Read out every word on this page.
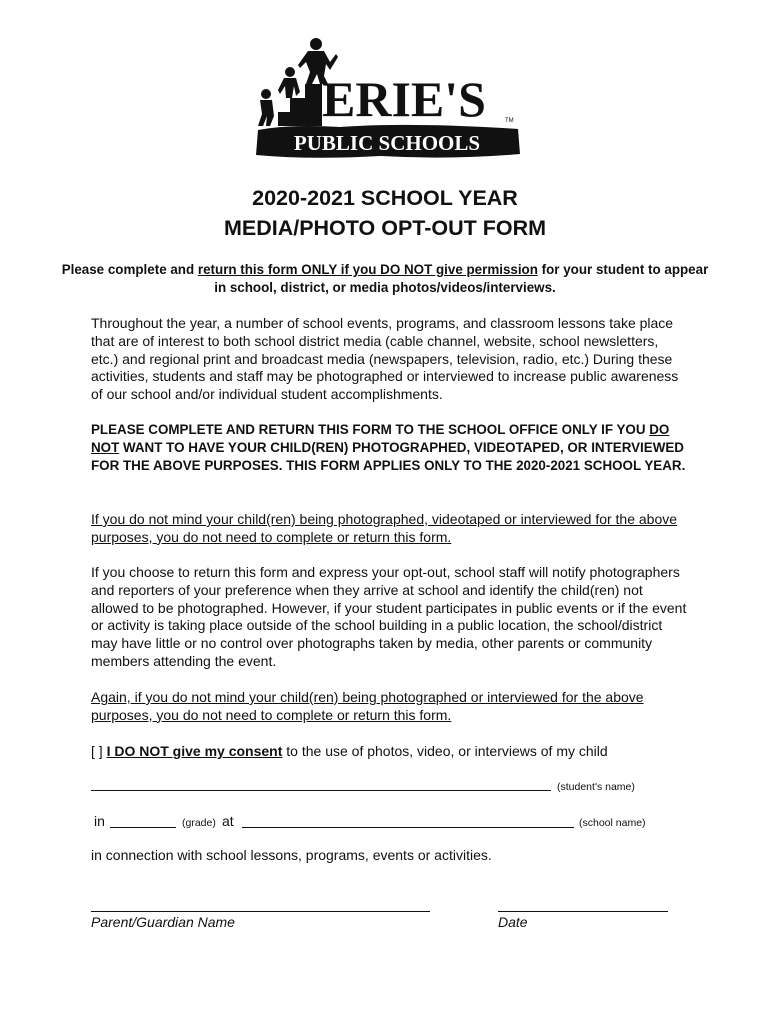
ERIE'S	TM
PUBLIC SCHOOLS
2020-2021 SCHOOL YEAR
MEDIA/PHOTO OPT-OUT FORM
Please complete and return this form ONLY if you DO NOT give permission for your student to appear in school, district, or media photos/videos/interviews.
Throughout the year, a number of school events, programs, and classroom lessons take place that are of interest to both school district media (cable channel, website, school newsletters, etc.) and regional print and broadcast media (newspapers, television, radio, etc.) During these activities, students and staff may be photographed or interviewed to increase public awareness of our school and/or individual student accomplishments.
PLEASE COMPLETE AND RETURN THIS FORM TO THE SCHOOL OFFICE ONLY IF YOU DO NOT WANT TO HAVE YOUR CHILD(REN) PHOTOGRAPHED, VIDEOTAPED, OR INTERVIEWED FOR THE ABOVE PURPOSES. THIS FORM APPLIES ONLY TO THE 2020-2021 SCHOOL YEAR.
If you do not mind your child(ren) being photographed, videotaped or interviewed for the above purposes, you do not need to complete or return this form.
If you choose to return this form and express your opt-out, school staff will notify photographers and reporters of your preference when they arrive at school and identify the child(ren) not allowed to be photographed. However, if your student participates in public events or if the event or activity is taking place outside of the school building in a public location, the school/district may have little or no control over photographs taken by media, other parents or community members attending the event.
Again, if you do not mind your child(ren) being photographed or interviewed for the above purposes, you do not need to complete or return this form.
[ ] I DO NOT give my consent to the use of photos, video, or interviews of my child
(student's name)
in	(grade) at	(school name)
in connection with school lessons, programs, events or activities.
Parent/Guardian Name	Date
